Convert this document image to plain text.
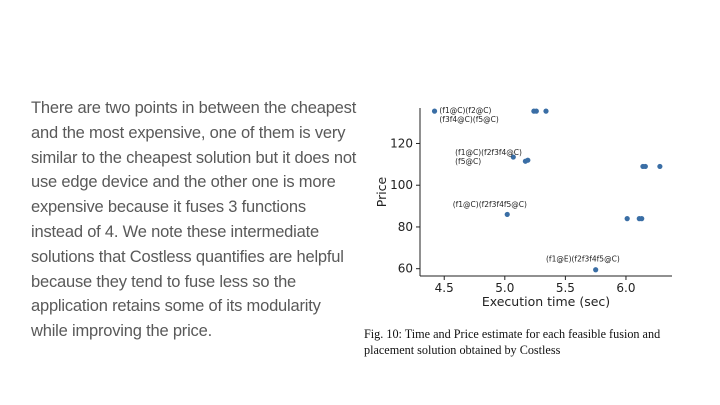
There are two points in between the cheapest and the most expensive, one of them is very similar to the cheapest solution but it does not use edge device and the other one is more expensive because it fuses 3 functions instead of 4. We note these intermediate solutions that Costless quantifies are helpful because they tend to fuse less so the application retains some of its modularity while improving the price.
4.5	5.0	5.5	6.0
60
80
100
120
(f1@C)(f2@C) (f3f4@C)(f5@C)
(f1@C)(f2f3f4@C) (f5@C)
(f1@C)(f2f3f4f5@C)
(f1@E)(f2f3f4f5@C)
Execution time (sec)
Price
Fig. 10: Time and Price estimate for each feasible fusion and placement solution obtained by Costless
